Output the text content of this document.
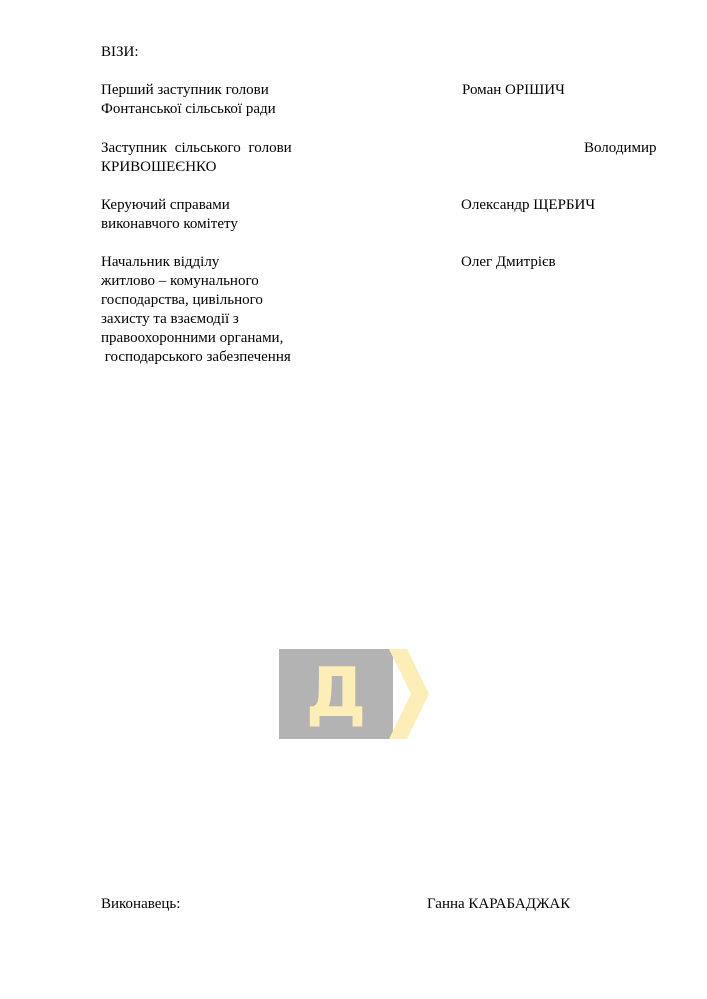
ВІЗИ:
Перший заступник голови
Фонтанської сільської ради
Роман ОРІШИЧ
Заступник сільського голови
КРИВОШЕЄНКО
Володимир
Керуючий справами
виконавчого комітету
Олександр ЩЕРБИЧ
Начальник відділу
житлово – комунального
господарства, цивільного
захисту та взаємодії з
правоохоронними органами,
господарського забезпечення
Олег Дмитрієв
Д
Виконавець:	Ганна КАРАБАДЖАК
